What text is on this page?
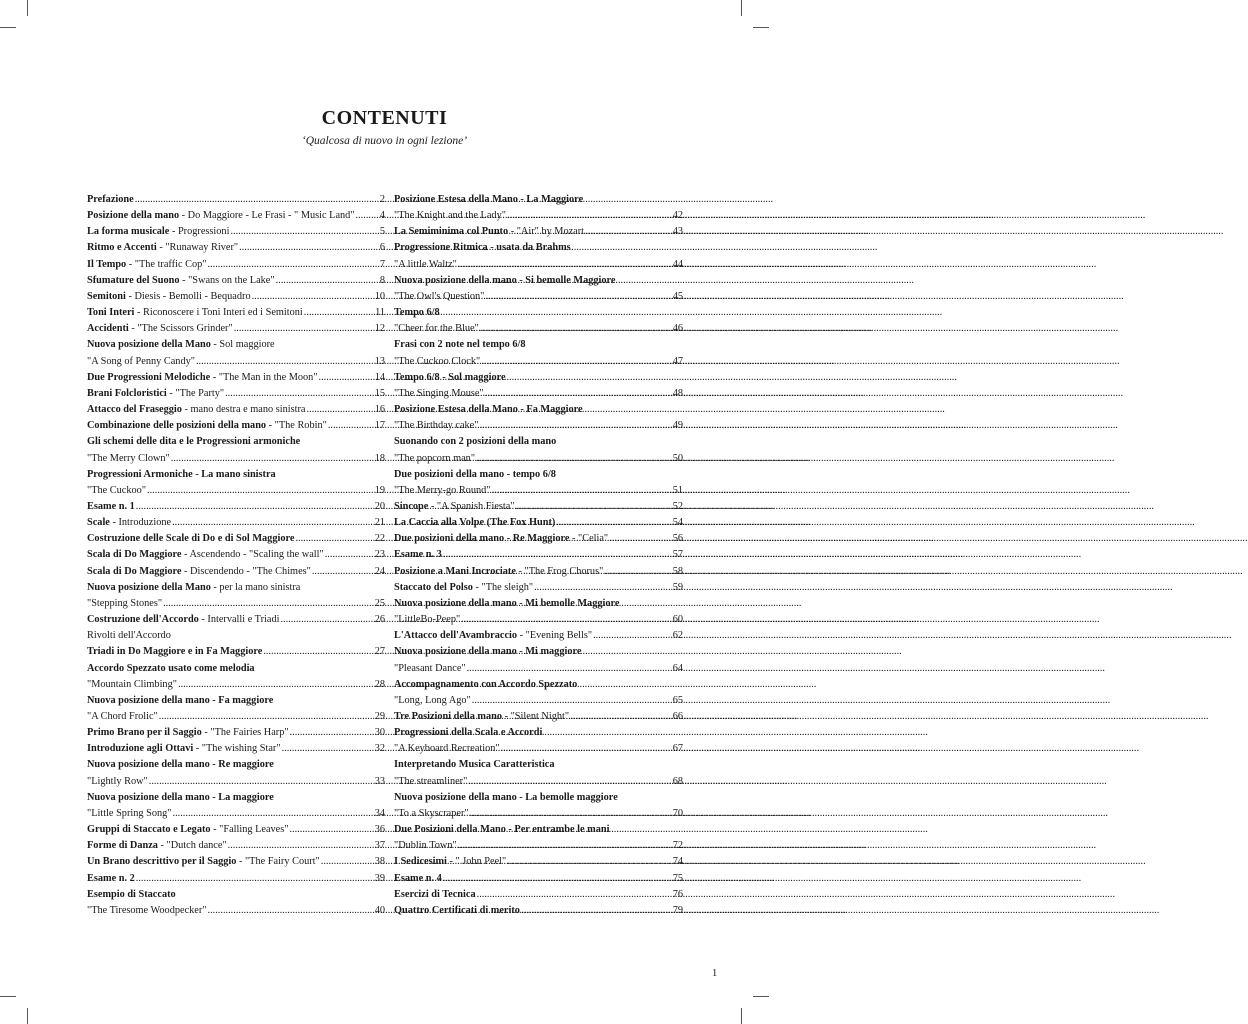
CONTENUTI
‘Qualcosa di nuovo in ogni lezione’
Prefazione .....	2
Posizione della mano - Do Maggiore - Le Frasi - " Music Land" ..... 4
La forma musicale - Progressioni .....	5
Ritmo e Accenti - "Runaway River" .....	6
Il Tempo - "The traffic Cop" .....	7
Sfumature del Suono - "Swans on the Lake" .....	8
Semitoni - Diesis - Bemolli - Bequadro .....	10
Toni Interi - Riconoscere i Toni Interi ed i Semitoni .....	11
Accidenti - "The Scissors Grinder" .....	12
Nuova posizione della Mano - Sol maggiore
"A Song of Penny Candy" .....	13
Due Progressioni Melodiche - "The Man in the Moon" .....	14
Brani Folcloristici - "The Party" .....	15
Attacco del Fraseggio - mano destra e mano sinistra .....	16
Combinazione delle posizioni della mano - "The Robin" .....	17
Gli schemi delle dita e le Progressioni armoniche
"The Merry Clown" .....	18
Progressioni Armoniche - La mano sinistra
"The Cuckoo" .....	19
Esame n. 1 .....	20
Scale - Introduzione .....	21
Costruzione delle Scale di Do e di Sol Maggiore .....	22
Scala di Do Maggiore - Ascendendo - "Scaling the wall" .....	23
Scala di Do Maggiore - Discendendo - "The Chimes" .....	24
Nuova posizione della Mano - per la mano sinistra
"Stepping Stones" .....	25
Costruzione dell'Accordo - Intervalli e Triadi .....	26
Rivolti dell'Accordo
Triadi in Do Maggiore e in Fa Maggiore .....	27
Accordo Spezzato usato come melodia
"Mountain Climbing" .....	28
Nuova posizione della mano - Fa maggiore
"A Chord Frolic" .....	29
Primo Brano per il Saggio - "The Fairies Harp" .....	30
Introduzione agli Ottavi - "The wishing Star" .....	32
Nuova posizione della mano - Re maggiore
"Lightly Row" .....	33
Nuova posizione della mano - La maggiore
"Little Spring Song" .....	34
Gruppi di Staccato e Legato - "Falling Leaves" .....	36
Forme di Danza - "Dutch dance" .....	37
Un Brano descrittivo per il Saggio - "The Fairy Court" .....	38
Esame n. 2 .....	39
Esempio di Staccato
"The Tiresome Woodpecker" .....	40
Posizione Estesa della Mano - La Maggiore
"The Knight and the Lady" .....	42
La Semiminima col Punto - "Air" by Mozart .....	43
Progressione Ritmica - usata da Brahms
"A little Waltz" .....	44
Nuova posizione della mano - Si bemolle Maggiore
"The Owl's Question" .....	45
Tempo 6/8
"Cheer for the Blue" .....	46
Frasi con 2 note nel tempo 6/8
"The Cuckoo Clock" .....	47
Tempo 6/8 - Sol maggiore
"The Singing Mouse" .....	48
Posizione Estesa della Mano - Fa Maggiore
"The Birthday cake" .....	49
Suonando con 2 posizioni della mano
"The popcorn man" .....	50
Due posizioni della mano - tempo 6/8
"The Merry-go Round" .....	51
Sincope - "A Spanish Fiesta" .....	52
La Caccia alla Volpe (The Fox Hunt) .....	54
Due posizioni della mano - Re Maggiore - "Celia" .....	56
Esame n. 3 .....	57
Posizione a Mani Incrociate - "The Frog Chorus" .....	58
Staccato del Polso - "The sleigh" .....	59
Nuova posizione della mano - Mi bemolle Maggiore
"LittleBo-Peep" .....	60
L'Attacco dell'Avambraccio - "Evening Bells" .....	62
Nuova posizione della mano - Mi maggiore
"Pleasant Dance" .....	64
Accompagnamento con Accordo Spezzato
"Long, Long Ago" .....	65
Tre Posizioni della mano - "Silent Night" .....	66
Progressioni della Scala e Accordi
"A Keyboard Recreation" .....	67
Interpretando Musica Caratteristica
"The streamliner" .....	68
Nuova posizione della mano - La bemolle maggiore
"To a Skyscraper" .....	70
Due Posizioni della Mano - Per entrambe le mani
"Dublin Town" .....	72
I Sedicesimi - " John Peel" .....	74
Esame n. 4 .....	75
Esercizi di Tecnica .....	76
Quattro Certificati di merito .....	79
1
